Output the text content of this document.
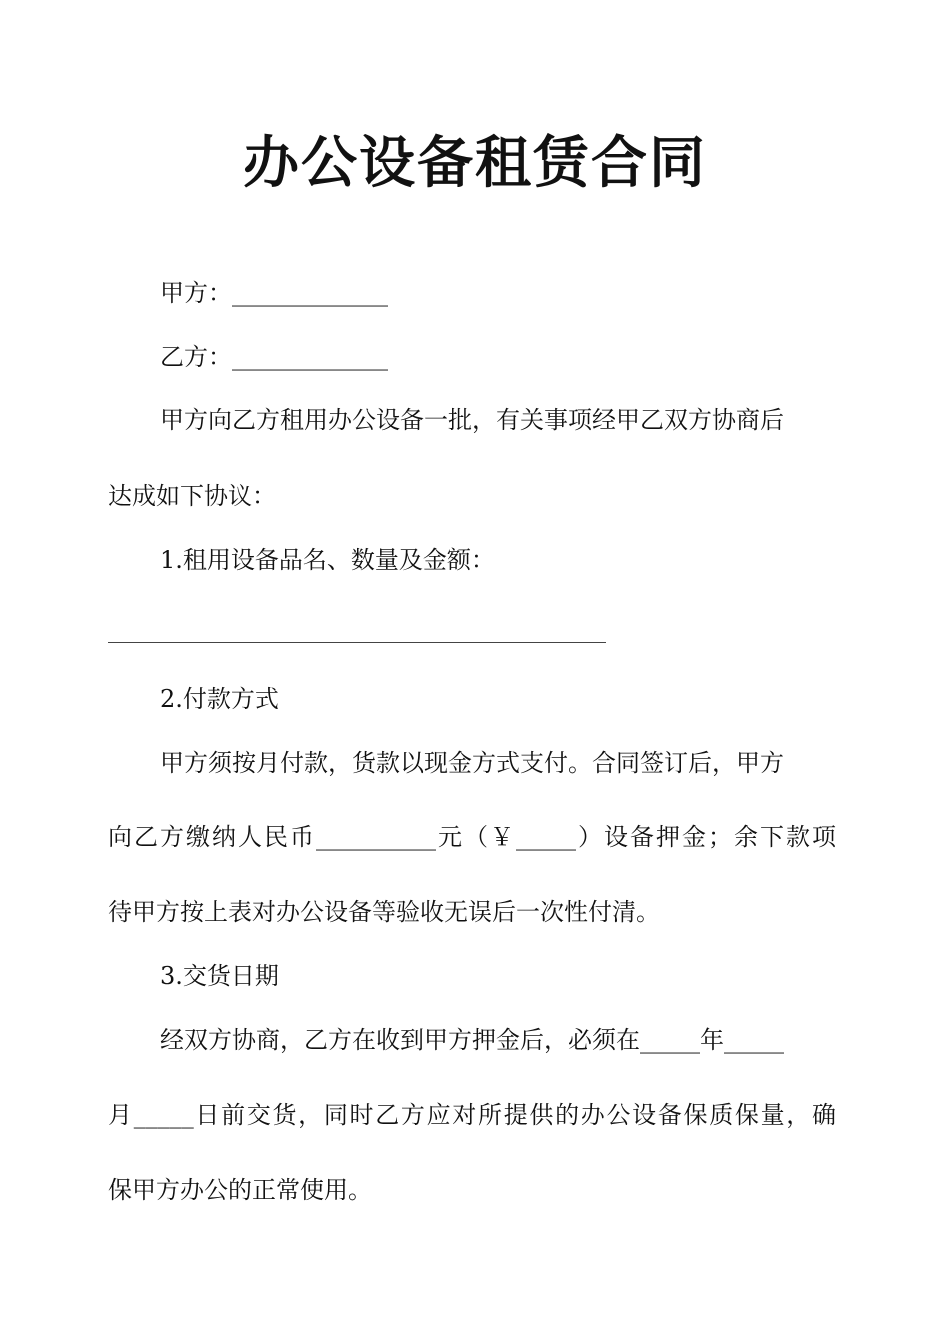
办公设备租赁合同
甲方：_____________
乙方：_____________
甲方向乙方租用办公设备一批，有关事项经甲乙双方协商后
达成如下协议：
1.租用设备品名、数量及金额：
2.付款方式
甲方须按月付款，货款以现金方式支付。合同签订后，甲方
向乙方缴纳人民币__________元（￥_____）设备押金；余下款项
待甲方按上表对办公设备等验收无误后一次性付清。
3.交货日期
经双方协商，乙方在收到甲方押金后，必须在_____年_____
月_____日前交货，同时乙方应对所提供的办公设备保质保量，确
保甲方办公的正常使用。
